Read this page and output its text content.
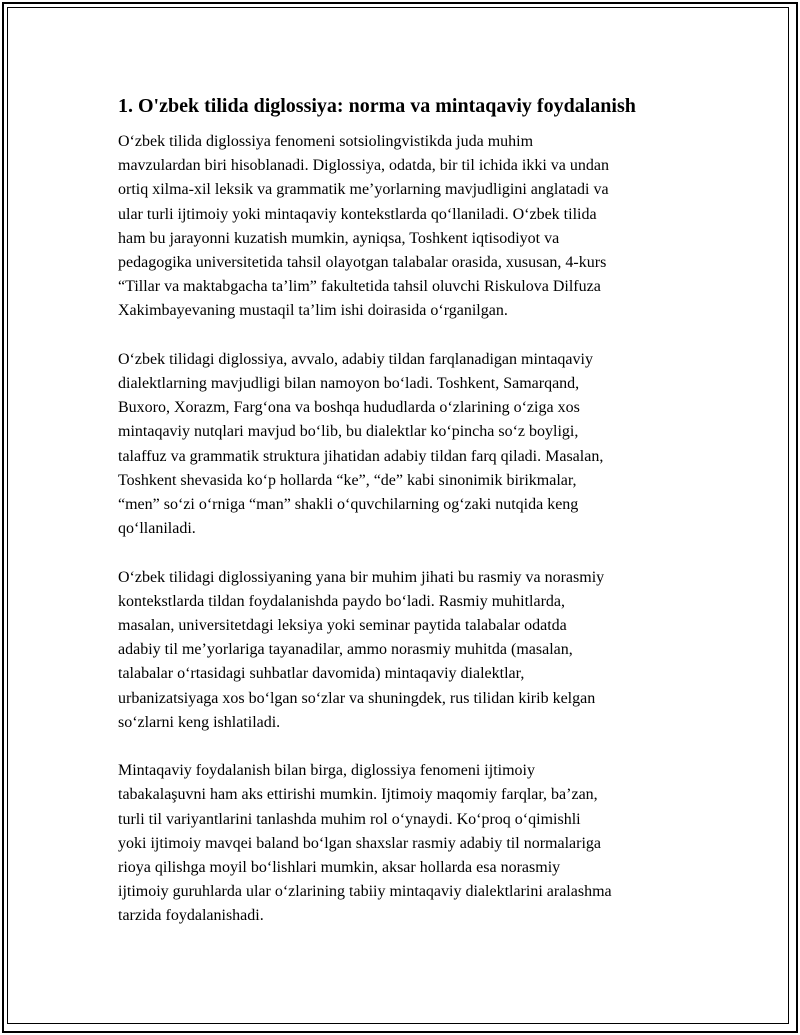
1. O'zbek tilida diglossiya: norma va mintaqaviy foydalanish
O‘zbek tilida diglossiya fenomeni sotsiolingvistikda juda muhim
mavzulardan biri hisoblanadi. Diglossiya, odatda, bir til ichida ikki va undan
ortiq xilma-xil leksik va grammatik me’yorlarning mavjudligini anglatadi va
ular turli ijtimoiy yoki mintaqaviy kontekstlarda qo‘llaniladi. O‘zbek tilida
ham bu jarayonni kuzatish mumkin, ayniqsa, Toshkent iqtisodiyot va
pedagogika universitetida tahsil olayotgan talabalar orasida, xususan, 4-kurs
“Tillar va maktabgacha ta’lim” fakultetida tahsil oluvchi Riskulova Dilfuza
Xakimbayevaning mustaqil ta’lim ishi doirasida o‘rganilgan.
O‘zbek tilidagi diglossiya, avvalo, adabiy tildan farqlanadigan mintaqaviy
dialektlarning mavjudligi bilan namoyon bo‘ladi. Toshkent, Samarqand,
Buxoro, Xorazm, Farg‘ona va boshqa hududlarda o‘zlarining o‘ziga xos
mintaqaviy nutqlari mavjud bo‘lib, bu dialektlar ko‘pincha so‘z boyligi,
talaffuz va grammatik struktura jihatidan adabiy tildan farq qiladi. Masalan,
Toshkent shevasida ko‘p hollarda “ke”, “de” kabi sinonimik birikmalar,
“men” so‘zi o‘rniga “man” shakli o‘quvchilarning og‘zaki nutqida keng
qo‘llaniladi.
O‘zbek tilidagi diglossiyaning yana bir muhim jihati bu rasmiy va norasmiy
kontekstlarda tildan foydalanishda paydo bo‘ladi. Rasmiy muhitlarda,
masalan, universitetdagi leksiya yoki seminar paytida talabalar odatda
adabiy til me’yorlariga tayanadilar, ammo norasmiy muhitda (masalan,
talabalar o‘rtasidagi suhbatlar davomida) mintaqaviy dialektlar,
urbanizatsiyaga xos bo‘lgan so‘zlar va shuningdek, rus tilidan kirib kelgan
so‘zlarni keng ishlatiladi.
Mintaqaviy foydalanish bilan birga, diglossiya fenomeni ijtimoiy
tabakalaşuvni ham aks ettirishi mumkin. Ijtimoiy maqomiy farqlar, ba’zan,
turli til variyantlarini tanlashda muhim rol o‘ynaydi. Ko‘proq o‘qimishli
yoki ijtimoiy mavqei baland bo‘lgan shaxslar rasmiy adabiy til normalariga
rioya qilishga moyil bo‘lishlari mumkin, aksar hollarda esa norasmiy
ijtimoiy guruhlarda ular o‘zlarining tabiiy mintaqaviy dialektlarini aralashma
tarzida foydalanishadi.
